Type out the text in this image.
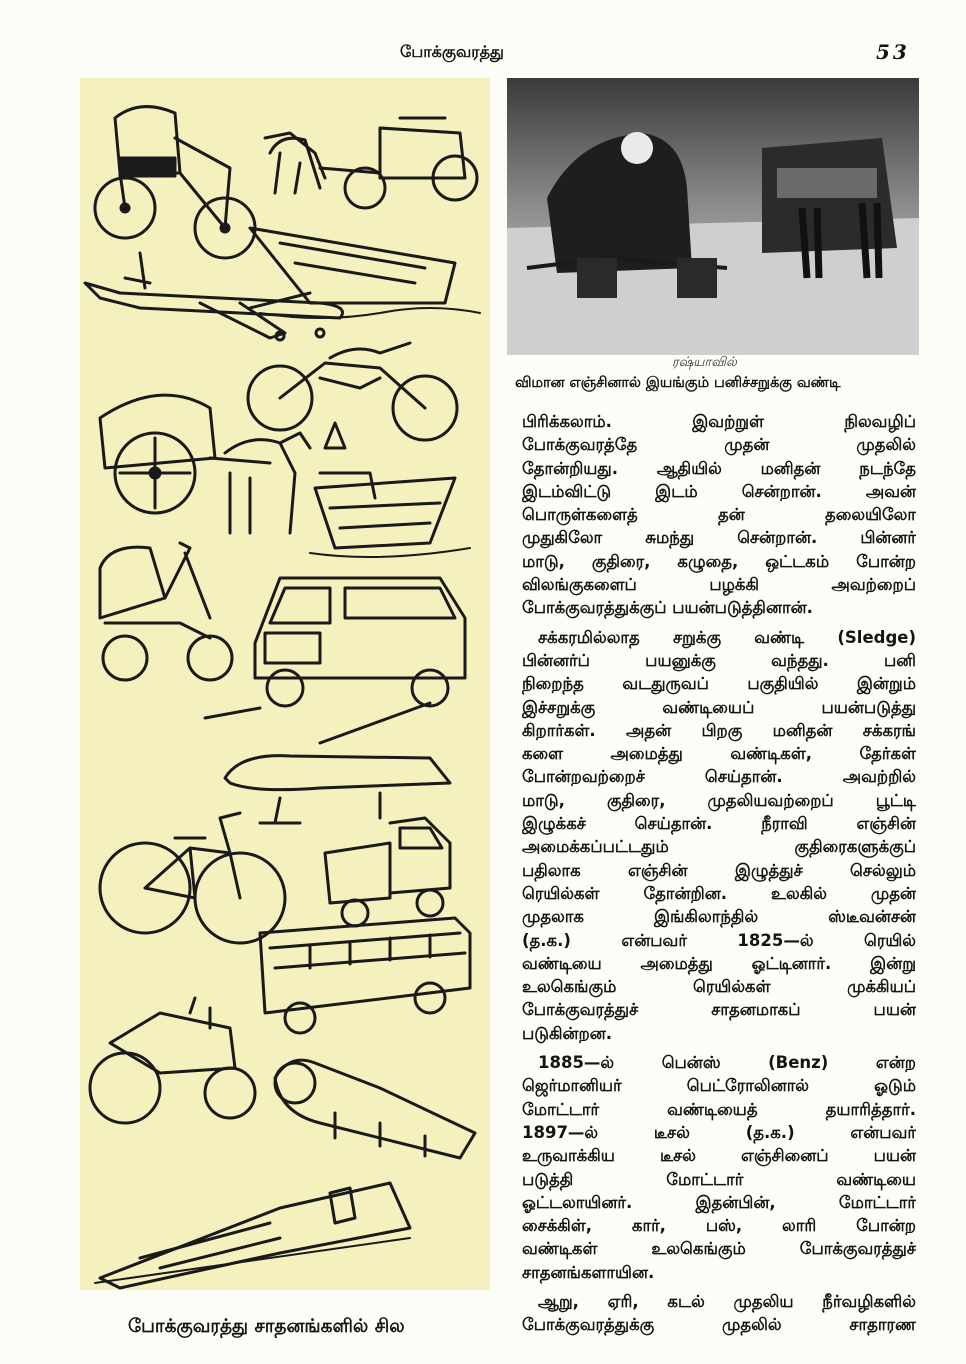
போக்குவரத்து	53
போக்குவரத்து சாதனங்களில் சில
ரஷ்யாவில்
விமான எஞ்சினால் இயங்கும் பனிச்சறுக்கு வண்டி
பிரிக்கலாம். இவற்றுள் நிலவழிப்
போக்குவரத்தே முதன் முதலில்
தோன்றியது. ஆதியில் மனிதன் நடந்தே
இடம்விட்டு இடம் சென்றான். அவன்
பொருள்களைத் தன் தலையிலோ
முதுகிலோ சுமந்து சென்றான். பின்னர்
மாடு, குதிரை, கழுதை, ஒட்டகம் போன்ற
விலங்குகளைப் பழக்கி அவற்றைப்
போக்குவரத்துக்குப் பயன்படுத்தினான்.
சக்கரமில்லாத சறுக்கு வண்டி (Sledge)
பின்னர்ப் பயனுக்கு வந்தது. பனி
நிறைந்த வடதுருவப் பகுதியில் இன்றும்
இச்சறுக்கு வண்டியைப் பயன்படுத்து
கிறார்கள். அதன் பிறகு மனிதன் சக்கரங்
களை அமைத்து வண்டிகள், தேர்கள்
போன்றவற்றைச் செய்தான். அவற்றில்
மாடு, குதிரை, முதலியவற்றைப் பூட்டி
இழுக்கச் செய்தான். நீராவி எஞ்சின்
அமைக்கப்பட்டதும் குதிரைகளுக்குப்
பதிலாக எஞ்சின் இழுத்துச் செல்லும்
ரெயில்கள் தோன்றின. உலகில் முதன்
முதலாக இங்கிலாந்தில் ஸ்டீவன்சன்
(த.க.) என்பவர் 1825—ல் ரெயில்
வண்டியை அமைத்து ஓட்டினார். இன்று
உலகெங்கும் ரெயில்கள் முக்கியப்
போக்குவரத்துச் சாதனமாகப் பயன்
படுகின்றன.
1885—ல் பென்ஸ் (Benz) என்ற
ஜெர்மானியர் பெட்ரோலினால் ஓடும்
மோட்டார் வண்டியைத் தயாரித்தார்.
1897—ல் டீசல் (த.க.) என்பவர்
உருவாக்கிய டீசல் எஞ்சினைப் பயன்
படுத்தி மோட்டார் வண்டியை
ஓட்டலாயினர். இதன்பின், மோட்டார்
சைக்கிள், கார், பஸ், லாரி போன்ற
வண்டிகள் உலகெங்கும் போக்குவரத்துச்
சாதனங்களாயின.
ஆறு, ஏரி, கடல் முதலிய நீர்வழிகளில்
போக்குவரத்துக்கு முதலில் சாதாரண
